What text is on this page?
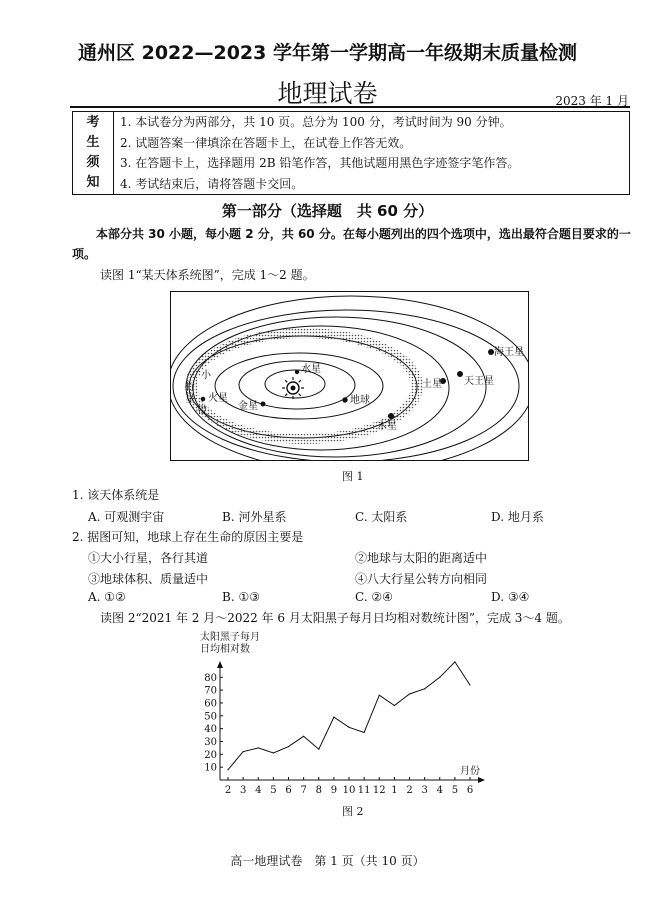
通州区 2022—2023 学年第一学期高一年级期末质量检测
地理试卷	2023 年 1 月
考
生
须
知

1. 本试卷分为两部分，共 10 页。总分为 100 分，考试时间为 90 分钟。
2. 试题答案一律填涂在答题卡上，在试卷上作答无效。
3. 在答题卡上，选择题用 2B 铅笔作答，其他试题用黑色字迹签字笔作答。
4. 考试结束后，请将答题卡交回。
第一部分（选择题　共 60 分）
本部分共 30 小题，每小题 2 分，共 60 分。在每小题列出的四个选项中，选出最符合题目要求的一项。
读图 1“某天体系统图”，完成 1～2 题。
水星
金星
地球
火星
木星
土星 天王星
海王星
小
行
星
带
图 1
1. 该天体系统是
A. 可观测宇宙	B. 河外星系	C. 太阳系	D. 地月系
2. 据图可知，地球上存在生命的原因主要是
①大小行星，各行其道	②地球与太阳的距离适中
③地球体积、质量适中	④八大行星公转方向相同
A. ①②	B. ①③	C. ②④	D. ③④
读图 2“2021 年 2 月～2022 年 6 月太阳黑子每月日均相对数统计图”，完成 3～4 题。
太阳黑子每月
日均相对数
10
20
30
40
50
60
70
80
2 3 4 5 6 7 8 9 10 11 12 1 2 3 4 5 6
月份
图 2
高一地理试卷　第 1 页（共 10 页）
